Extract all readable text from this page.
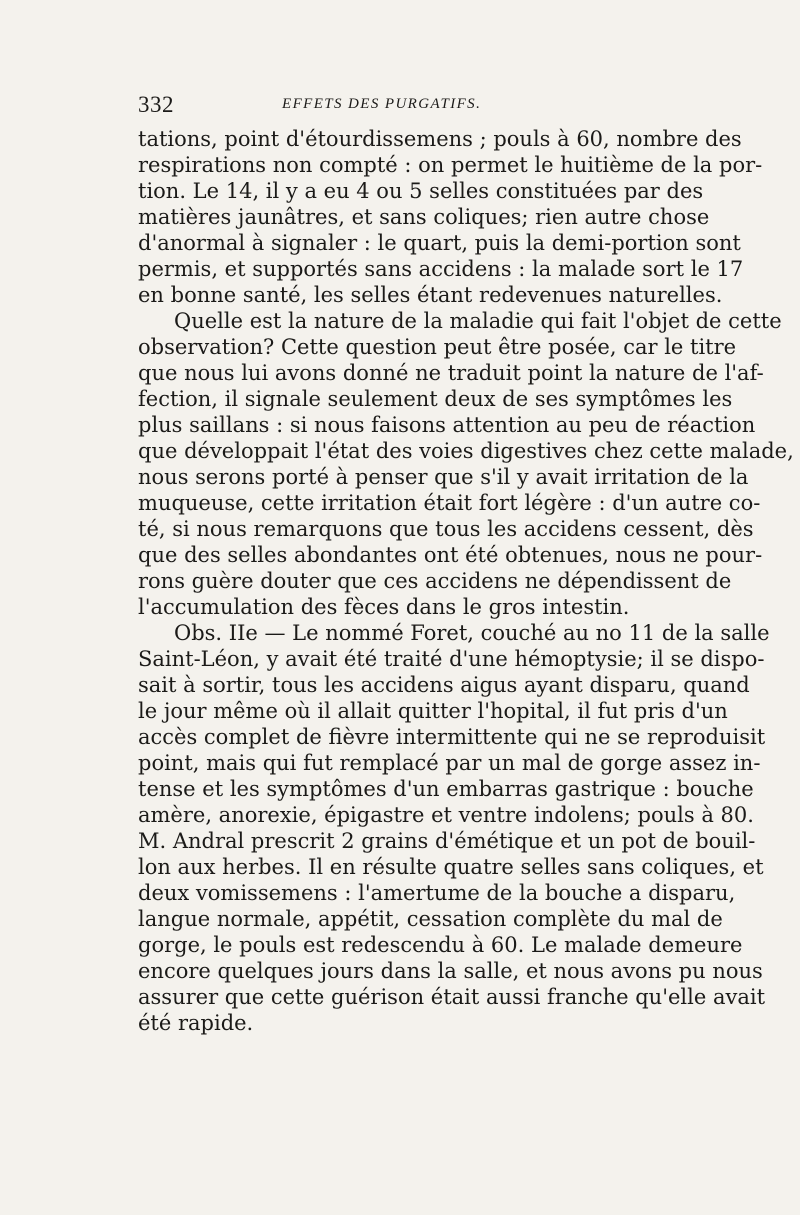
332	EFFETS DES PURGATIFS.
tations, point d'étourdissemens ; pouls à 60, nombre des
respirations non compté : on permet le huitième de la por-
tion. Le 14, il y a eu 4 ou 5 selles constituées par des
matières jaunâtres, et sans coliques; rien autre chose
d'anormal à signaler : le quart, puis la demi-portion sont
permis, et supportés sans accidens : la malade sort le 17
en bonne santé, les selles étant redevenues naturelles.
Quelle est la nature de la maladie qui fait l'objet de cette
observation? Cette question peut être posée, car le titre
que nous lui avons donné ne traduit point la nature de l'af-
fection, il signale seulement deux de ses symptômes les
plus saillans : si nous faisons attention au peu de réaction
que développait l'état des voies digestives chez cette malade,
nous serons porté à penser que s'il y avait irritation de la
muqueuse, cette irritation était fort légère : d'un autre co-
té, si nous remarquons que tous les accidens cessent, dès
que des selles abondantes ont été obtenues, nous ne pour-
rons guère douter que ces accidens ne dépendissent de
l'accumulation des fèces dans le gros intestin.
Obs. IIe — Le nommé Foret, couché au no 11 de la salle
Saint-Léon, y avait été traité d'une hémoptysie; il se dispo-
sait à sortir, tous les accidens aigus ayant disparu, quand
le jour même où il allait quitter l'hopital, il fut pris d'un
accès complet de fièvre intermittente qui ne se reproduisit
point, mais qui fut remplacé par un mal de gorge assez in-
tense et les symptômes d'un embarras gastrique : bouche
amère, anorexie, épigastre et ventre indolens; pouls à 80.
M. Andral prescrit 2 grains d'émétique et un pot de bouil-
lon aux herbes. Il en résulte quatre selles sans coliques, et
deux vomissemens : l'amertume de la bouche a disparu,
langue normale, appétit, cessation complète du mal de
gorge, le pouls est redescendu à 60. Le malade demeure
encore quelques jours dans la salle, et nous avons pu nous
assurer que cette guérison était aussi franche qu'elle avait
été rapide.
